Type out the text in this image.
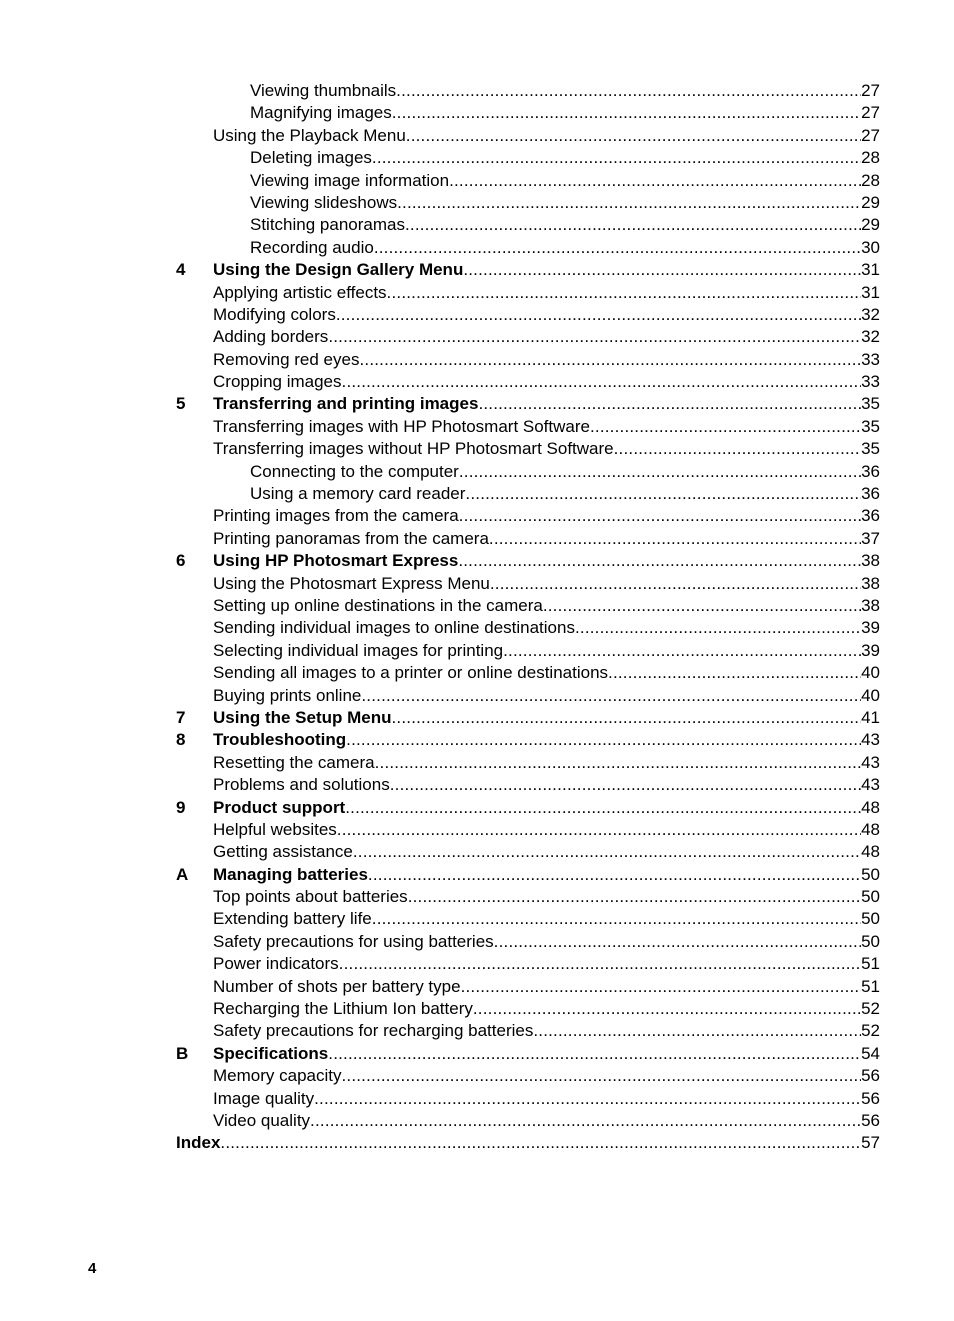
Viewing thumbnails .....	27
Magnifying images .....	27
Using the Playback Menu .....	27
Deleting images .....	28
Viewing image information .....	28
Viewing slideshows .....	29
Stitching panoramas .....	29
Recording audio .....	30
4 Using the Design Gallery Menu .....	31
Applying artistic effects .....	31
Modifying colors .....	32
Adding borders .....	32
Removing red eyes .....	33
Cropping images .....	33
5 Transferring and printing images .....	35
Transferring images with HP Photosmart Software .....	35
Transferring images without HP Photosmart Software .....	35
Connecting to the computer .....	36
Using a memory card reader .....	36
Printing images from the camera .....	36
Printing panoramas from the camera .....	37
6 Using HP Photosmart Express .....	38
Using the Photosmart Express Menu .....	38
Setting up online destinations in the camera .....	38
Sending individual images to online destinations .....	39
Selecting individual images for printing .....	39
Sending all images to a printer or online destinations .....	40
Buying prints online .....	40
7 Using the Setup Menu .....	41
8 Troubleshooting .....	43
Resetting the camera .....	43
Problems and solutions .....	43
9 Product support .....	48
Helpful websites .....	48
Getting assistance .....	48
A Managing batteries .....	50
Top points about batteries .....	50
Extending battery life .....	50
Safety precautions for using batteries .....	50
Power indicators .....	51
Number of shots per battery type .....	51
Recharging the Lithium Ion battery .....	52
Safety precautions for recharging batteries .....	52
B Specifications .....	54
Memory capacity .....	56
Image quality .....	56
Video quality .....	56
Index .....	57
4
